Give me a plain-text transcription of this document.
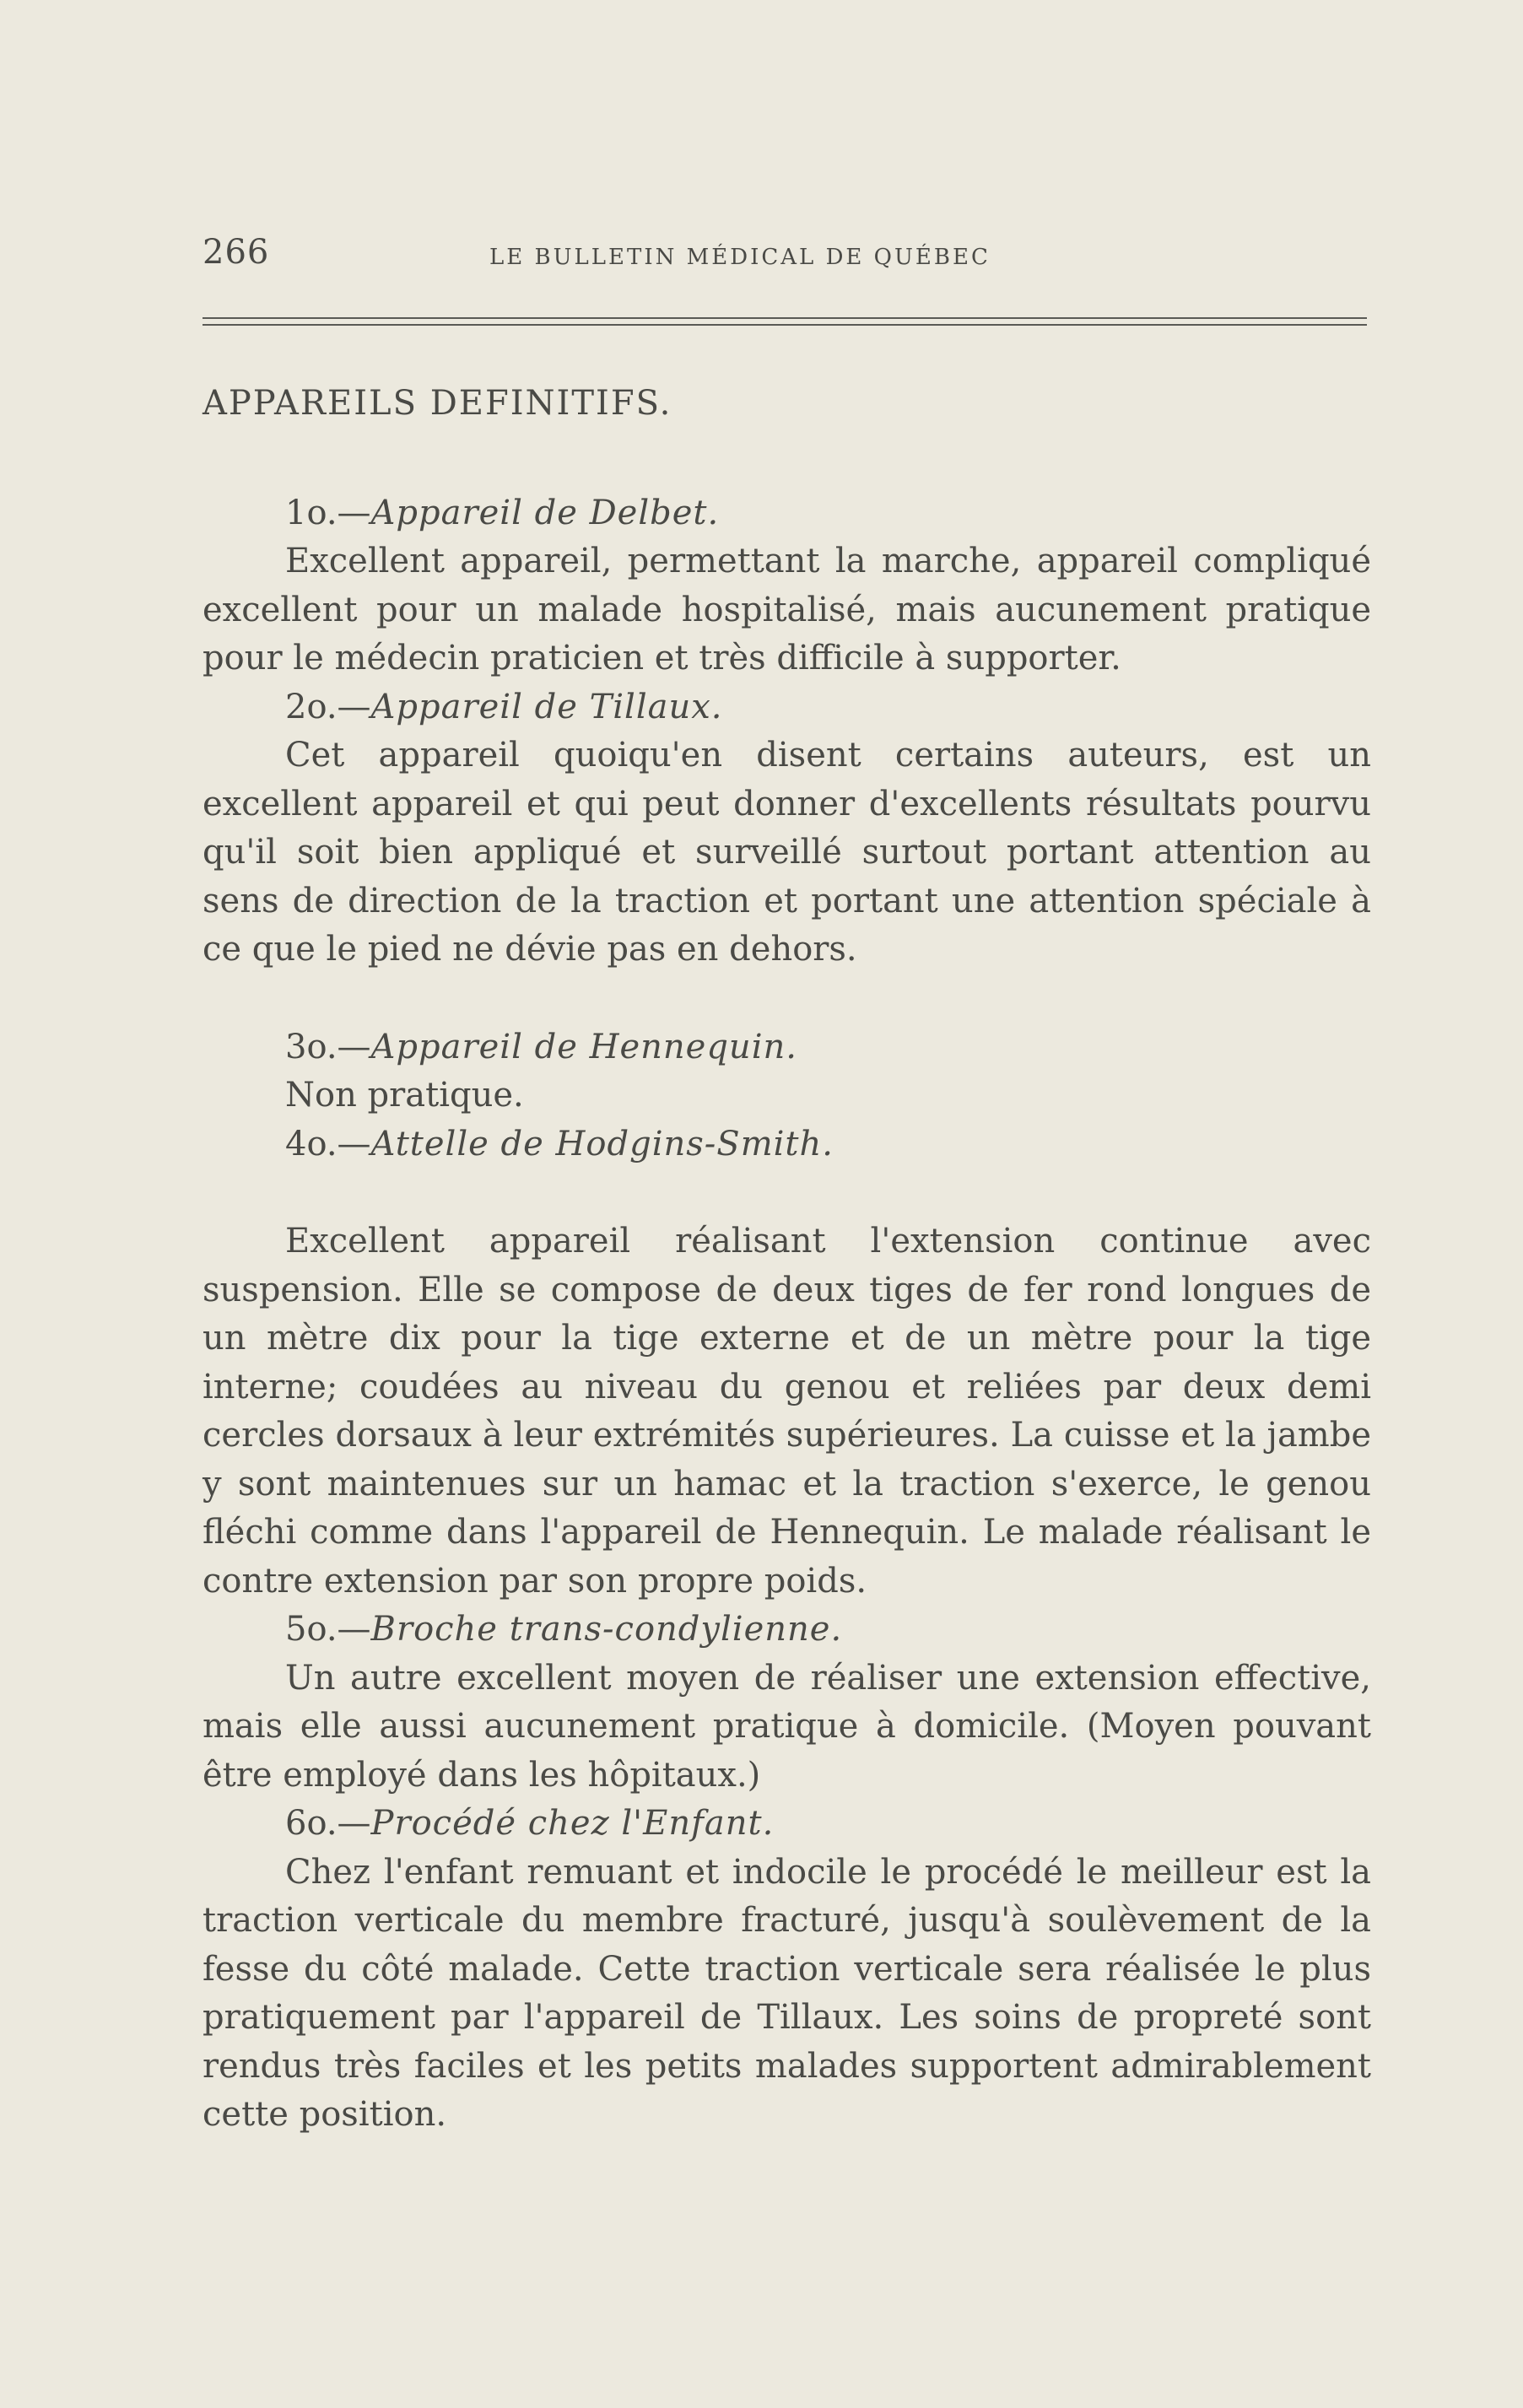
266	LE BULLETIN MÉDICAL DE QUÉBEC
APPAREILS DEFINITIFS.
1o.—Appareil de Delbet.

Excellent appareil, permettant la marche, appareil compliqué excellent pour un malade hospitalisé, mais aucunement pratique pour le médecin praticien et très difficile à supporter.

2o.—Appareil de Tillaux.

Cet appareil quoiqu'en disent certains auteurs, est un excellent appareil et qui peut donner d'excellents résultats pourvu qu'il soit bien appliqué et surveillé surtout portant attention au sens de direction de la traction et portant une attention spéciale à ce que le pied ne dévie pas en dehors.

3o.—Appareil de Hennequin.

Non pratique.

4o.—Attelle de Hodgins-Smith.

Excellent appareil réalisant l'extension continue avec suspension. Elle se compose de deux tiges de fer rond longues de un mètre dix pour la tige externe et de un mètre pour la tige interne; coudées au niveau du genou et reliées par deux demi cercles dorsaux à leur extrémités supérieures. La cuisse et la jambe y sont maintenues sur un hamac et la traction s'exerce, le genou fléchi comme dans l'appareil de Hennequin. Le malade réalisant le contre extension par son propre poids.

5o.—Broche trans-condylienne.

Un autre excellent moyen de réaliser une extension effective, mais elle aussi aucunement pratique à domicile. (Moyen pouvant être employé dans les hôpitaux.)

6o.—Procédé chez l'Enfant.

Chez l'enfant remuant et indocile le procédé le meilleur est la traction verticale du membre fracturé, jusqu'à soulèvement de la fesse du côté malade. Cette traction verticale sera réalisée le plus pratiquement par l'appareil de Tillaux. Les soins de propreté sont rendus très faciles et les petits malades supportent admirablement cette position.
